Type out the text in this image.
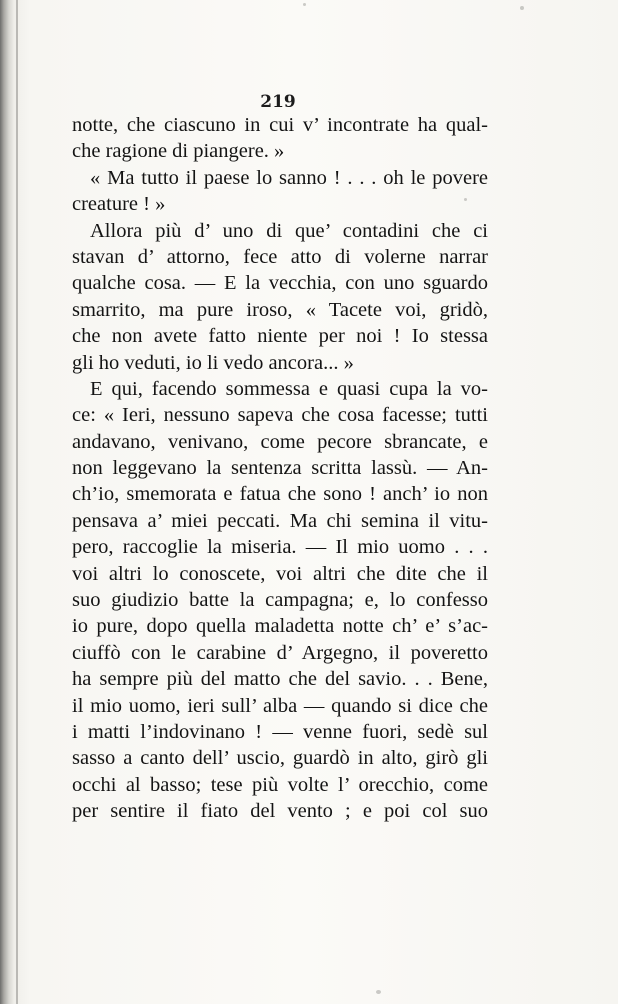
219
notte, che ciascuno in cui v’ incontrate ha qual-
che ragione di piangere. »
« Ma tutto il paese lo sanno ! . . . oh le povere
creature ! »
Allora più d’ uno di que’ contadini che ci
stavan d’ attorno, fece atto di volerne narrar
qualche cosa. — E la vecchia, con uno sguardo
smarrito, ma pure iroso, « Tacete voi, gridò,
che non avete fatto niente per noi ! Io stessa
gli ho veduti, io li vedo ancora... »
E qui, facendo sommessa e quasi cupa la vo-
ce: « Ieri, nessuno sapeva che cosa facesse; tutti
andavano, venivano, come pecore sbrancate, e
non leggevano la sentenza scritta lassù. — An-
ch’io, smemorata e fatua che sono ! anch’ io non
pensava a’ miei peccati. Ma chi semina il vitu-
pero, raccoglie la miseria. — Il mio uomo . . .
voi altri lo conoscete, voi altri che dite che il
suo giudizio batte la campagna; e, lo confesso
io pure, dopo quella maladetta notte ch’ e’ s’ac-
ciuffò con le carabine d’ Argegno, il poveretto
ha sempre più del matto che del savio. . . Bene,
il mio uomo, ieri sull’ alba — quando si dice che
i matti l’indovinano ! — venne fuori, sedè sul
sasso a canto dell’ uscio, guardò in alto, girò gli
occhi al basso; tese più volte l’ orecchio, come
per sentire il fiato del vento ; e poi col suo
